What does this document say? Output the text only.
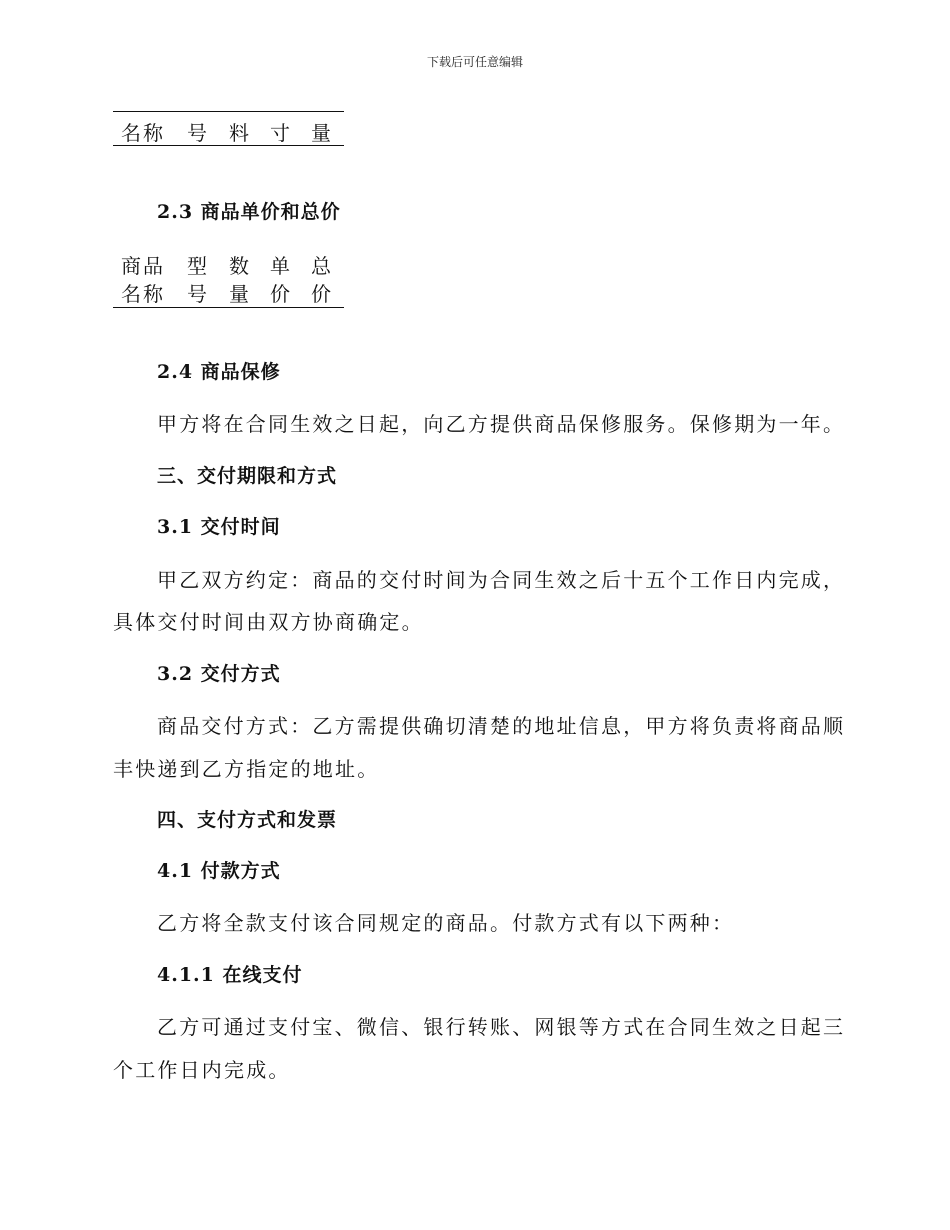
下载后可任意编辑
名称 号 料 寸 量
2.3 商品单价和总价
商品 型 数 单 总
名称 号 量 价 价
2.4 商品保修
甲方将在合同生效之日起，向乙方提供商品保修服务。保修期为一年。
三、交付期限和方式
3.1 交付时间
甲乙双方约定：商品的交付时间为合同生效之后十五个工作日内完成，
具体交付时间由双方协商确定。
3.2 交付方式
商品交付方式：乙方需提供确切清楚的地址信息，甲方将负责将商品顺
丰快递到乙方指定的地址。
四、支付方式和发票
4.1 付款方式
乙方将全款支付该合同规定的商品。付款方式有以下两种：
4.1.1 在线支付
乙方可通过支付宝、微信、银行转账、网银等方式在合同生效之日起三
个工作日内完成。
